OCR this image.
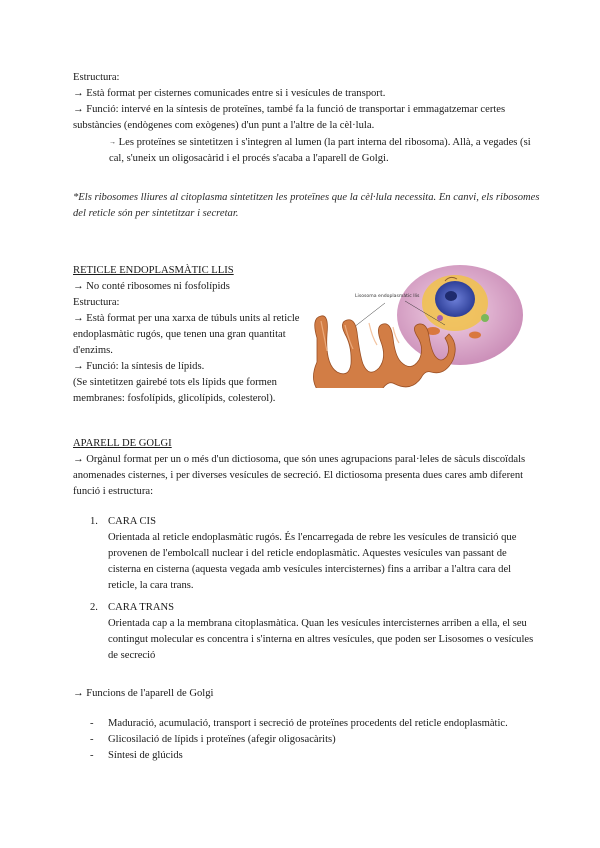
Estructura:

→ Està format per cisternes comunicades entre si i vesícules de transport.

→ Funció: intervé en la síntesis de proteïnes, també fa la funció de transportar i emmagatzemar certes substàncies (endògenes com exògenes) d'un punt a l'altre de la cèl·lula.

→ Les proteïnes se sintetitzen i s'integren al lumen (la part interna del ribosoma). Allà, a vegades (si cal, s'uneix un oligosacàrid i el procés s'acaba a l'aparell de Golgi.

*Els ribosomes lliures al citoplasma sintetitzen les proteïnes que la cèl·lula necessita. En canvi, els ribosomes del reticle són per sintetitzar i secretar.

RETICLE ENDOPLASMÀTIC LLIS

→ No conté ribosomes ni fosfolípids

Estructura:

→ Està format per una xarxa de túbuls units al reticle endoplasmàtic rugós, que tenen una gran quantitat d'enzims.

→ Funció: la síntesis de lípids.

(Se sintetitzen gairebé tots els lípids que formen membranes: fosfolípids, glicolípids, colesterol).

Lisosoma endoplasmàtic llis

APARELL DE GOLGI

→ Orgànul format per un o més d'un dictiosoma, que són unes agrupacions paral·leles de sàculs discoïdals anomenades cisternes, i per diverses vesícules de secreció. El dictiosoma presenta dues cares amb diferent funció i estructura:

1. CARA CIS

Orientada al reticle endoplasmàtic rugós. És l'encarregada de rebre les vesícules de transició que provenen de l'embolcall nuclear i del reticle endoplasmàtic. Aquestes vesícules van passant de cisterna en cisterna (aquesta vegada amb vesícules intercisternes) fins a arribar a l'altra cara del reticle, la cara trans.

2. CARA TRANS

Orientada cap a la membrana citoplasmàtica. Quan les vesícules intercisternes arriben a ella, el seu contingut molecular es concentra i s'interna en altres vesícules, que poden ser Lisosomes o vesícules de secreció

→ Funcions de l'aparell de Golgi

- Maduració, acumulació, transport i secreció de proteïnes procedents del reticle endoplasmàtic.
- Glicosilació de lípids i proteïnes (afegir oligosacàrits)
- Síntesi de glúcids
